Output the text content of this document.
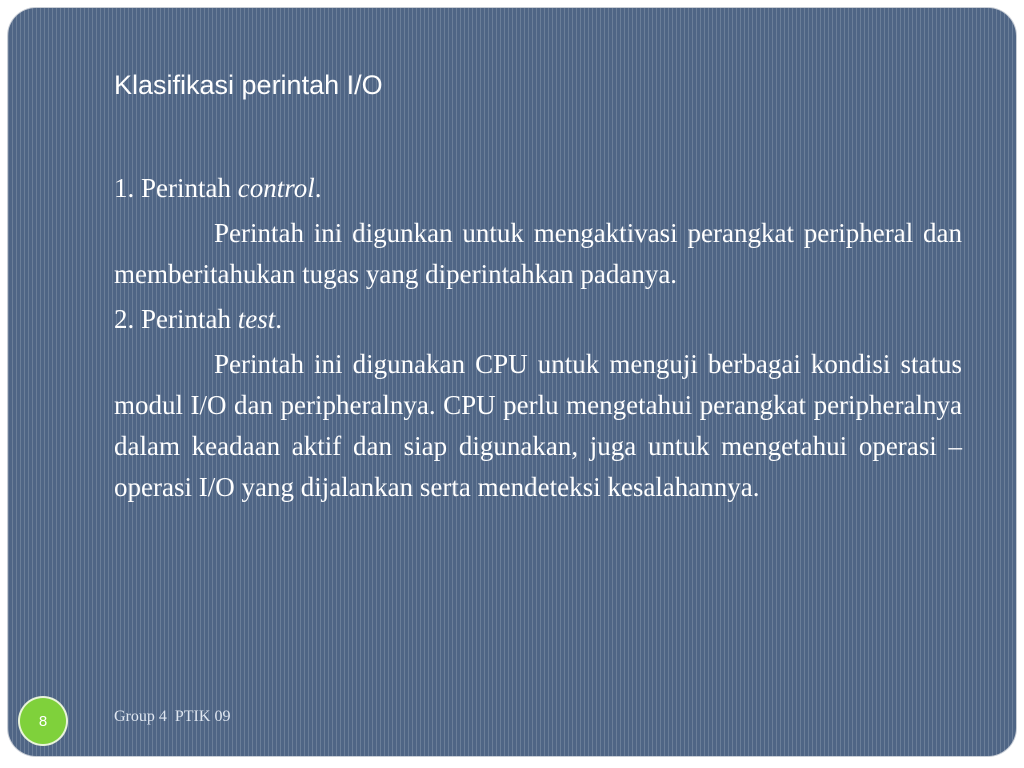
Klasifikasi perintah I/O

1. Perintah control.

Perintah ini digunkan untuk mengaktivasi perangkat peripheral dan memberitahukan tugas yang diperintahkan padanya.

2. Perintah test.

Perintah ini digunakan CPU untuk menguji berbagai kondisi status modul I/O dan peripheralnya. CPU perlu mengetahui perangkat peripheralnya dalam keadaan aktif dan siap digunakan, juga untuk mengetahui operasi – operasi I/O yang dijalankan serta mendeteksi kesalahannya.

8	Group 4  PTIK 09
